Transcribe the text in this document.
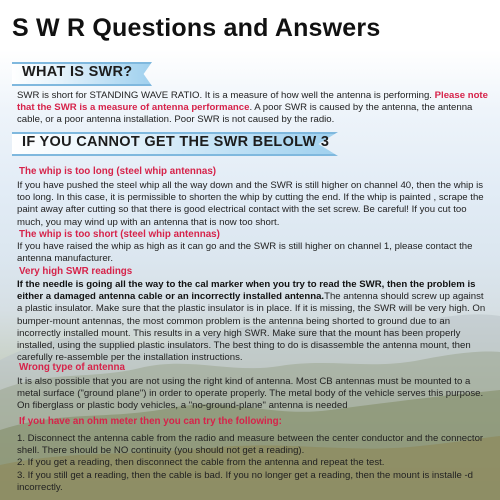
S W R Questions and Answers
WHAT IS SWR?
SWR is short for STANDING WAVE RATIO. It is a measure of how well the antenna is performing. Please note that the SWR is a measure of antenna performance. A poor SWR is caused by the antenna, the antenna cable, or a poor antenna installation. Poor SWR is not caused by the radio.
IF YOU CANNOT GET THE SWR BELOLW 3
The whip is too long (steel whip antennas)
If you have pushed the steel whip all the way down and the SWR is still higher on channel 40, then the whip is too long. In this case, it is permissible to shorten the whip by cutting the end. If the whip is painted , scrape the paint away after cutting so that there is good electrical contact with the set screw. Be careful! If you cut too much, you may wind up with an antenna that is now too short.
The whip is too short (steel whip antennas)
If you have raised the whip as high as it can go and the SWR is still higher on channel 1, please contact the antenna manufacturer.
Very high SWR readings
If the needle is going all the way to the cal marker when you try to read the SWR, then the problem is either a damaged antenna cable or an incorrectly installed antenna.The antenna should screw up against a plastic insulator. Make sure that the plastic insulator is in place. If it is missing, the SWR will be very high. On bumper-mount antennas, the most common problem is the antenna being shorted to ground due to an incorrectly installed mount. This results in a very high SWR. Make sure that the mount has been properly installed, using the supplied plastic insulators. The best thing to do is disassemble the antenna mount, then carefully re-assemble per the installation instructions.
Wrong type of antenna
It is also possible that you are not using the right kind of antenna. Most CB antennas must be mounted to a metal surface ("ground plane") in order to operate properly. The metal body of the vehicle serves this purpose. On fiberglass or plastic body vehicles, a "no-ground-plane" antenna is needed
If you have an ohm meter then you can try the following:
1. Disconnect the antenna cable from the radio and measure between the center conductor and the connector shell. There should be NO continuity (you should not get a reading).
2. If you get a reading, then disconnect the cable from the antenna and repeat the test.
3. If you still get a reading, then the cable is bad. If you no longer get a reading, then the mount is installe -d incorrectly.
